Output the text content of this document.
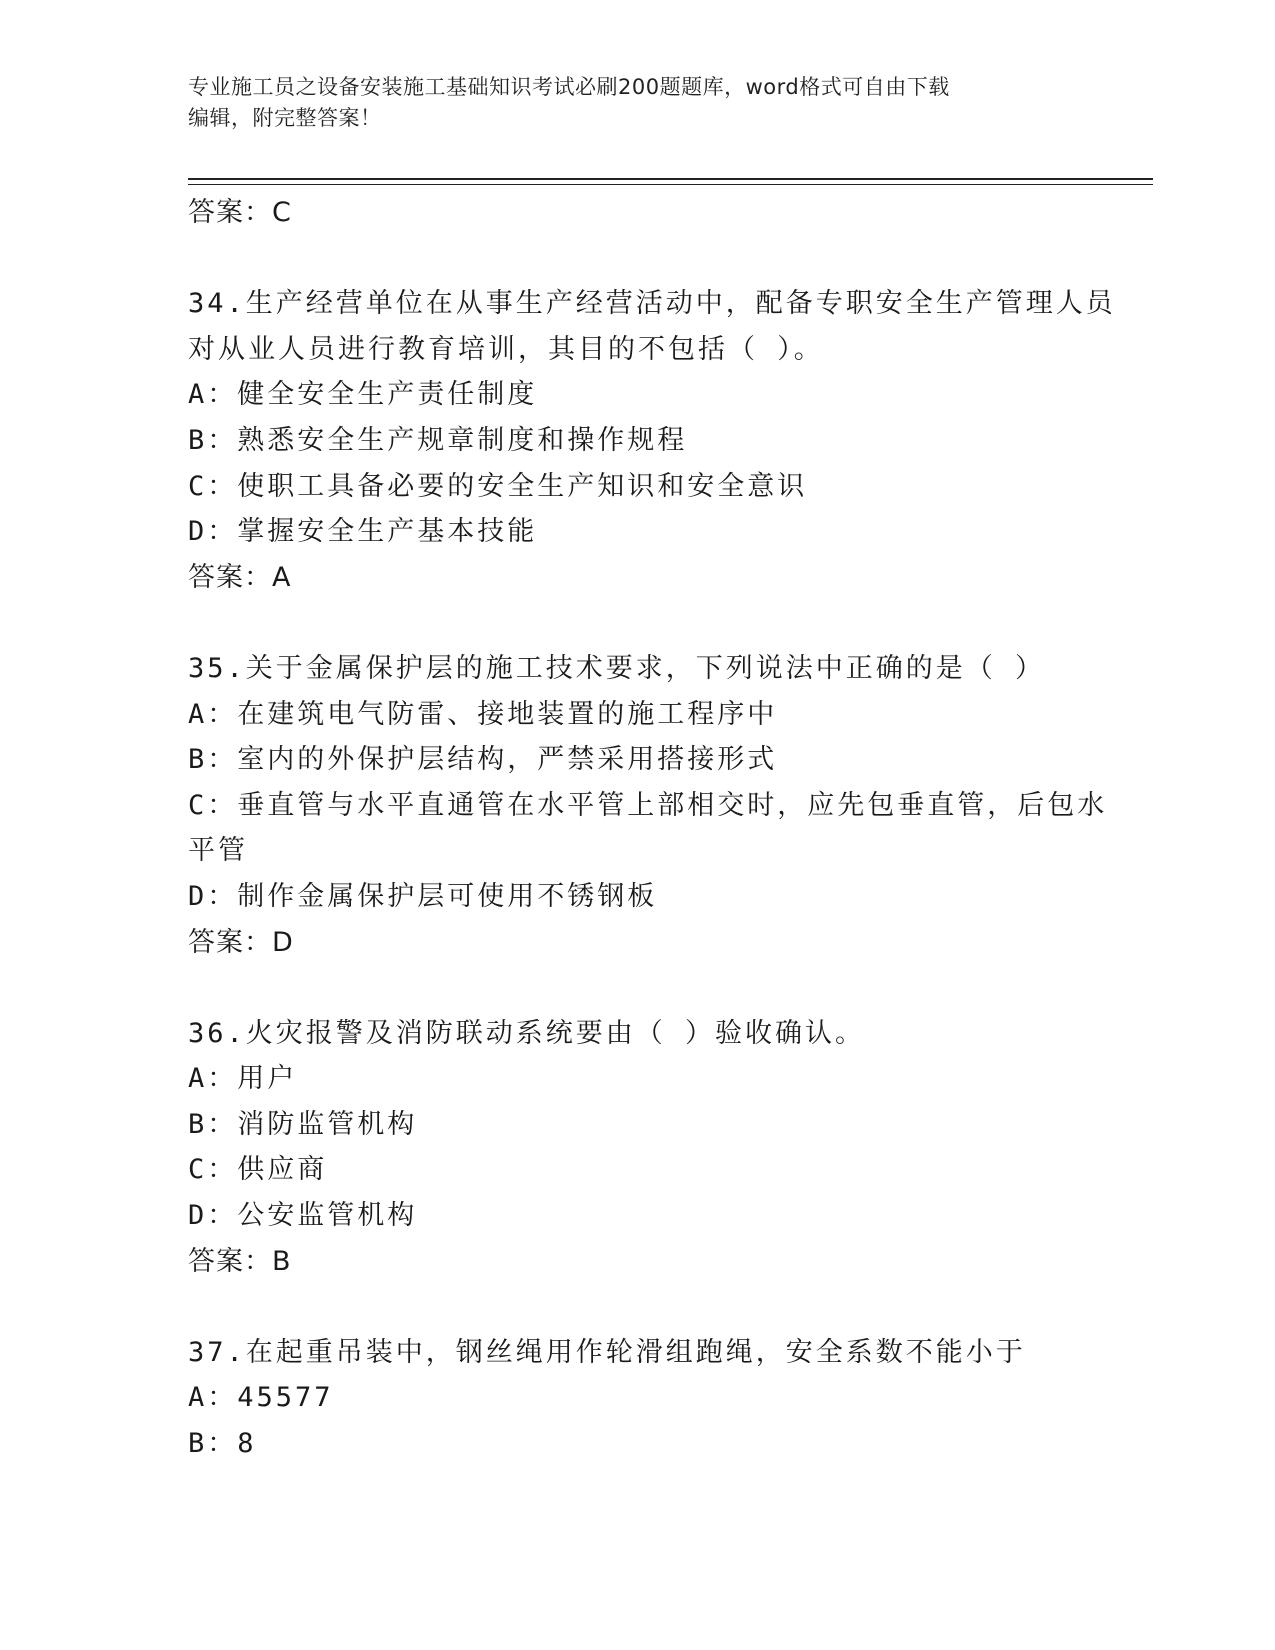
专业施工员之设备安装施工基础知识考试必刷200题题库，word格式可自由下载
编辑，附完整答案！
答案：C
34.生产经营单位在从事生产经营活动中，配备专职安全生产管理人员
对从业人员进行教育培训，其目的不包括（ ）。
A：健全安全生产责任制度
B：熟悉安全生产规章制度和操作规程
C：使职工具备必要的安全生产知识和安全意识
D：掌握安全生产基本技能
答案：A
35.关于金属保护层的施工技术要求，下列说法中正确的是（ ）
A：在建筑电气防雷、接地装置的施工程序中
B：室内的外保护层结构，严禁采用搭接形式
C：垂直管与水平直通管在水平管上部相交时，应先包垂直管，后包水
平管
D：制作金属保护层可使用不锈钢板
答案：D
36.火灾报警及消防联动系统要由（ ）验收确认。
A：用户
B：消防监管机构
C：供应商
D：公安监管机构
答案：B
37.在起重吊装中，钢丝绳用作轮滑组跑绳，安全系数不能小于
A：45577
B：8
